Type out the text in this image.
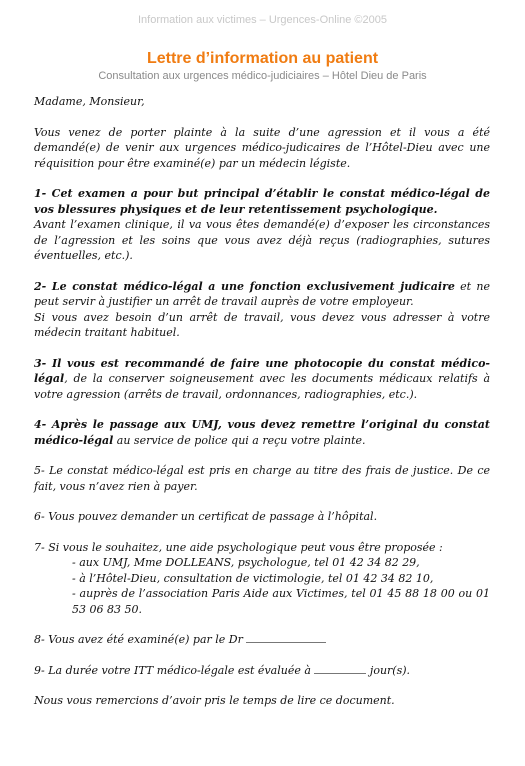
Information aux victimes – Urgences-Online ©2005
Lettre d’information au patient
Consultation aux urgences médico-judiciaires – Hôtel Dieu de Paris

Madame, Monsieur,

Vous venez de porter plainte à la suite d’une agression et il vous a été demandé(e) de venir aux urgences médico-judicaires de l’Hôtel-Dieu avec une réquisition pour être examiné(e) par un médecin légiste.

1- Cet examen a pour but principal d’établir le constat médico-légal de vos blessures physiques et de leur retentissement psychologique.

Avant l’examen clinique, il va vous êtes demandé(e) d’exposer les circonstances de l’agression et les soins que vous avez déjà reçus (radiographies, sutures éventuelles, etc.).

2- Le constat médico-légal a une fonction exclusivement judicaire et ne peut servir à justifier un arrêt de travail auprès de votre employeur.

Si vous avez besoin d’un arrêt de travail, vous devez vous adresser à votre médecin traitant habituel.

3- Il vous est recommandé de faire une photocopie du constat médico-légal, de la conserver soigneusement avec les documents médicaux relatifs à votre agression (arrêts de travail, ordonnances, radiographies, etc.).

4- Après le passage aux UMJ, vous devez remettre l’original du constat médico-légal au service de police qui a reçu votre plainte.

5- Le constat médico-légal est pris en charge au titre des frais de justice. De ce fait, vous n’avez rien à payer.

6- Vous pouvez demander un certificat de passage à l’hôpital.

7- Si vous le souhaitez, une aide psychologique peut vous être proposée :

- aux UMJ, Mme DOLLEANS, psychologue, tel 01 42 34 82 29,

- à l’Hôtel-Dieu, consultation de victimologie, tel 01 42 34 82 10,

- auprès de l’association Paris Aide aux Victimes, tel 01 45 88 18 00 ou 01 53 06 83 50.

8- Vous avez été examiné(e) par le Dr

9- La durée votre ITT médico-légale est évaluée à	jour(s).

Nous vous remercions d’avoir pris le temps de lire ce document.
